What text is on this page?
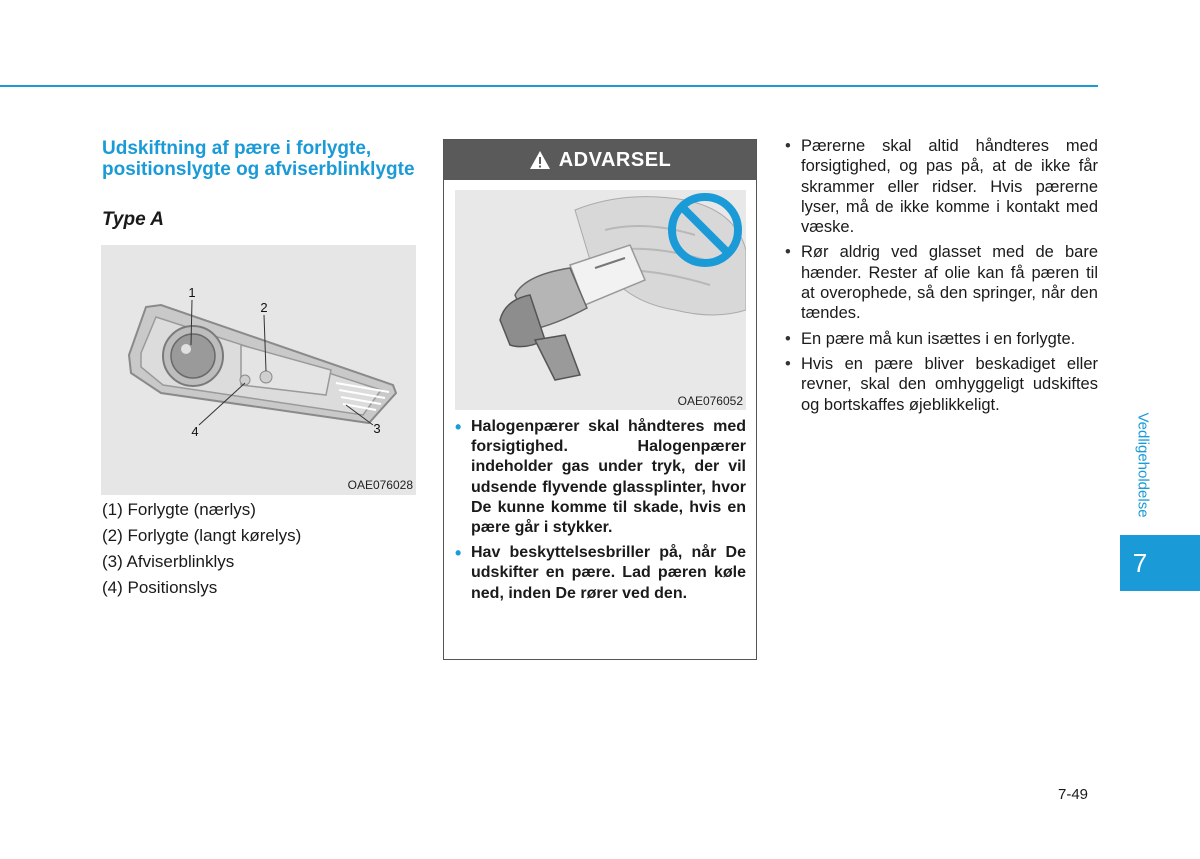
Udskiftning af pære i forlygte, positionslygte og afviserblinklygte
Type A
1
2
3
4
OAE076028
(1) Forlygte (nærlys)
(2) Forlygte (langt kørelys)
(3) Afviserblinklys
(4) Positionslys
ADVARSEL
OAE076052
• Halogenpærer skal håndteres med forsigtighed. Halogenpærer indeholder gas under tryk, der vil udsende flyvende glassplinter, hvor De kunne komme til skade, hvis en pære går i stykker.
• Hav beskyttelsesbriller på, når De udskifter en pære. Lad pæren køle ned, inden De rører ved den.
• Pærerne skal altid håndteres med forsigtighed, og pas på, at de ikke får skrammer eller ridser. Hvis pærerne lyser, må de ikke komme i kontakt med væske.
• Rør aldrig ved glasset med de bare hænder. Rester af olie kan få pæren til at overophede, så den springer, når den tændes.
• En pære må kun isættes i en forlygte.
• Hvis en pære bliver beskadiget eller revner, skal den omhyggeligt udskiftes og bortskaffes øjeblikkeligt.
Vedligeholdelse
7
7-49
